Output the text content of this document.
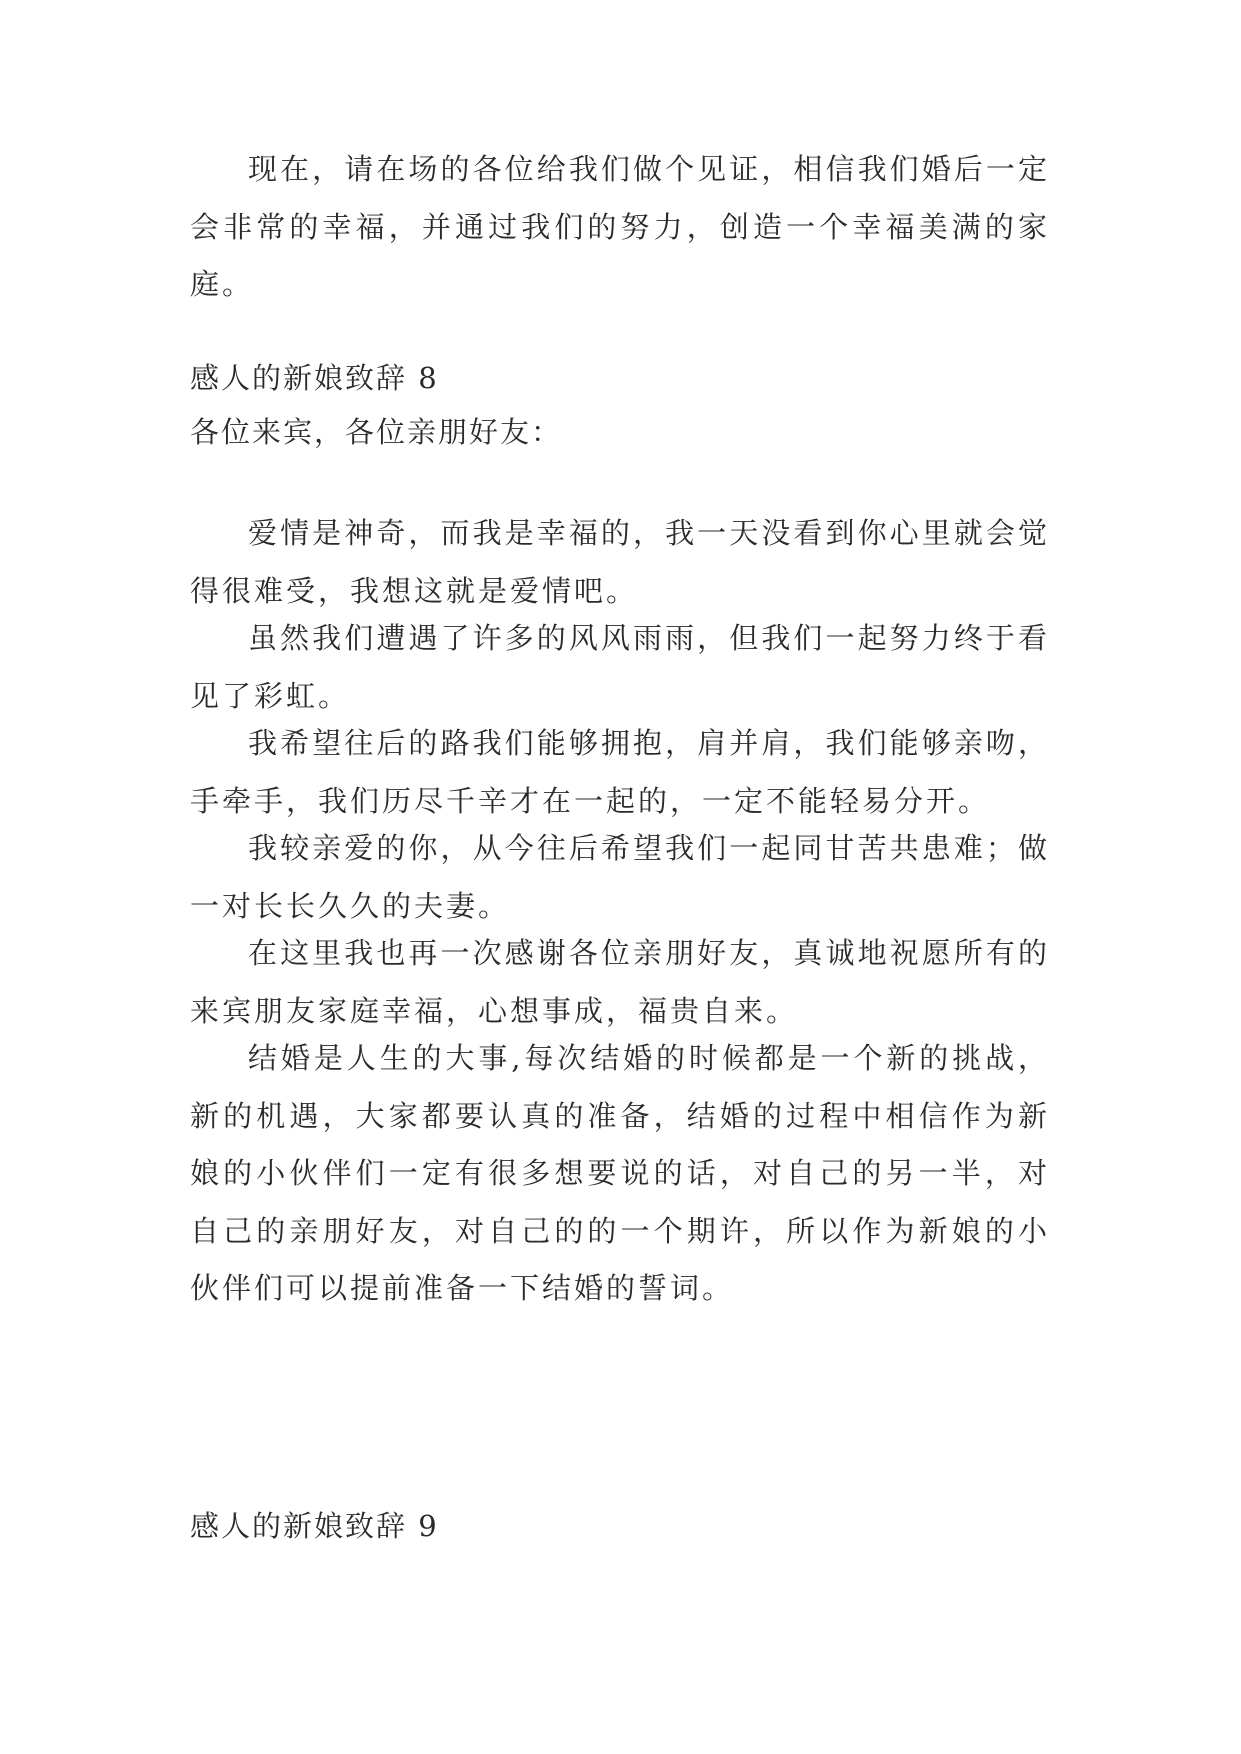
现在，请在场的各位给我们做个见证，相信我们婚后一定会非常的幸福，并通过我们的努力，创造一个幸福美满的家庭。

感人的新娘致辞 8

各位来宾，各位亲朋好友：

爱情是神奇，而我是幸福的，我一天没看到你心里就会觉得很难受，我想这就是爱情吧。

虽然我们遭遇了许多的风风雨雨，但我们一起努力终于看见了彩虹。

我希望往后的路我们能够拥抱，肩并肩，我们能够亲吻，手牵手，我们历尽千辛才在一起的，一定不能轻易分开。

我较亲爱的你，从今往后希望我们一起同甘苦共患难；做一对长长久久的夫妻。

在这里我也再一次感谢各位亲朋好友，真诚地祝愿所有的来宾朋友家庭幸福，心想事成，福贵自来。

结婚是人生的大事,每次结婚的时候都是一个新的挑战，新的机遇，大家都要认真的准备，结婚的过程中相信作为新娘的小伙伴们一定有很多想要说的话，对自己的另一半，对自己的亲朋好友，对自己的的一个期许，所以作为新娘的小伙伴们可以提前准备一下结婚的誓词。

感人的新娘致辞 9
